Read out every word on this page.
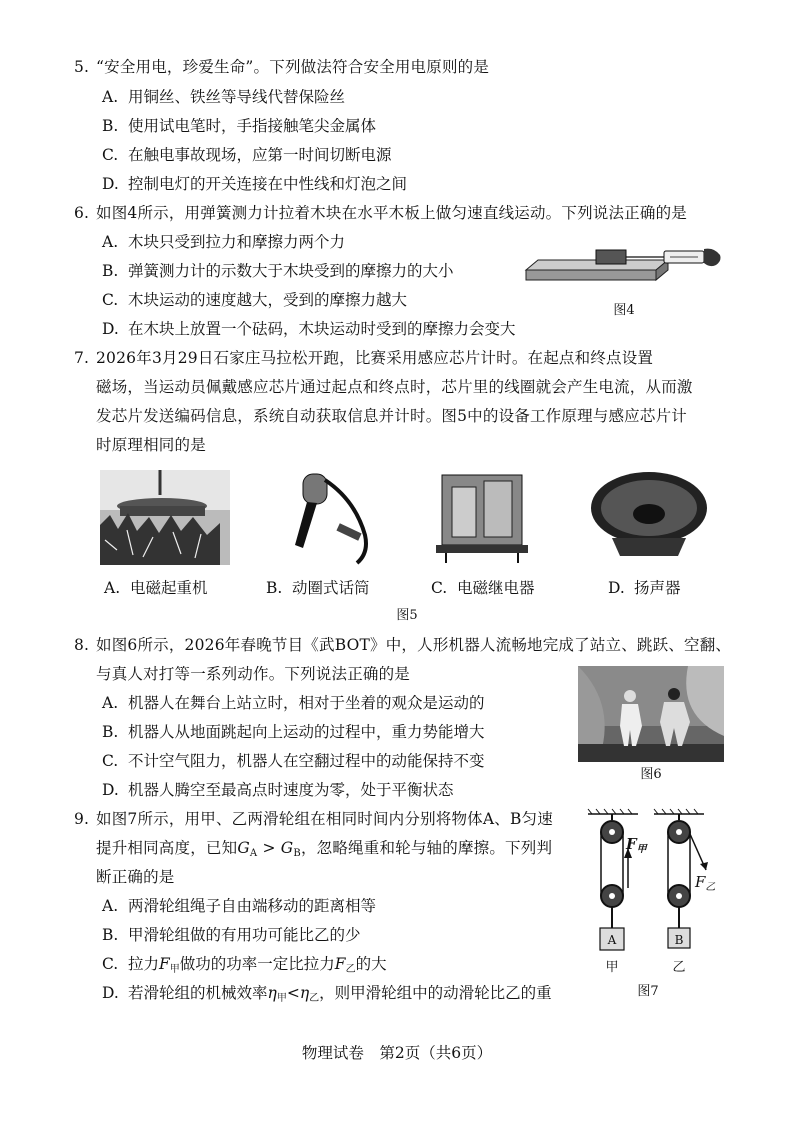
5. “安全用电，珍爱生命”。下列做法符合安全用电原则的是
A. 用铜丝、铁丝等导线代替保险丝
B. 使用试电笔时，手指接触笔尖金属体
C. 在触电事故现场，应第一时间切断电源
D. 控制电灯的开关连接在中性线和灯泡之间
6. 如图4所示，用弹簧测力计拉着木块在水平木板上做匀速直线运动。下列说法正确的是
A. 木块只受到拉力和摩擦力两个力
B. 弹簧测力计的示数大于木块受到的摩擦力的大小
C. 木块运动的速度越大，受到的摩擦力越大
D. 在木块上放置一个砝码，木块运动时受到的摩擦力会变大
图4
7. 2026年3月29日石家庄马拉松开跑，比赛采用感应芯片计时。在起点和终点设置
磁场，当运动员佩戴感应芯片通过起点和终点时，芯片里的线圈就会产生电流，从而激
发芯片发送编码信息，系统自动获取信息并计时。图5中的设备工作原理与感应芯片计
时原理相同的是
A. 电磁起重机	B. 动圈式话筒	C. 电磁继电器	D. 扬声器
图5
8. 如图6所示，2026年春晚节目《武BOT》中，人形机器人流畅地完成了站立、跳跃、空翻、
与真人对打等一系列动作。下列说法正确的是
A. 机器人在舞台上站立时，相对于坐着的观众是运动的
B. 机器人从地面跳起向上运动的过程中，重力势能增大
C. 不计空气阻力，机器人在空翻过程中的动能保持不变
D. 机器人腾空至最高点时速度为零，处于平衡状态
图6
9. 如图7所示，用甲、乙两滑轮组在相同时间内分别将物体A、B匀速
提升相同高度，已知$G_A > G_B$，忽略绳重和轮与轴的摩擦。下列判
断正确的是
A. 两滑轮组绳子自由端移动的距离相等
B. 甲滑轮组做的有用功可能比乙的少
C. 拉力$F_甲$做功的功率一定比拉力$F_乙$的大
D. 若滑轮组的机械效率$\eta_甲<\eta_乙$，则甲滑轮组中的动滑轮比乙的重
$F_甲$
$F_乙$
A	B
甲	乙
图7
物理试卷　第2页（共6页）
